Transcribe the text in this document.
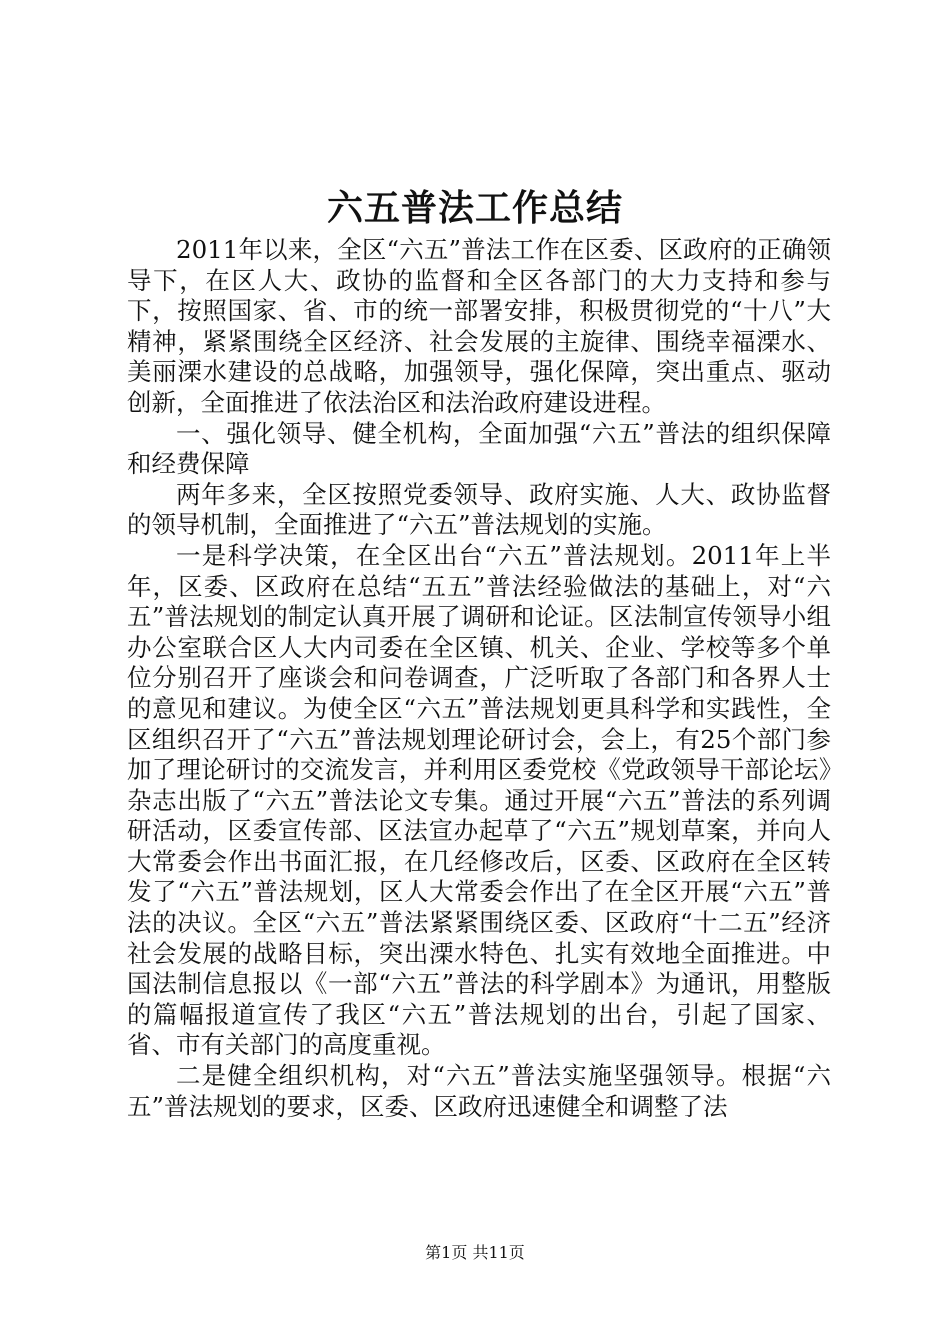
六五普法工作总结

2011年以来，全区“六五”普法工作在区委、区政府的正确领导下，在区人大、政协的监督和全区各部门的大力支持和参与下，按照国家、省、市的统一部署安排，积极贯彻党的“十八”大精神，紧紧围绕全区经济、社会发展的主旋律、围绕幸福溧水、美丽溧水建设的总战略，加强领导，强化保障，突出重点、驱动创新，全面推进了依法治区和法治政府建设进程。

一、强化领导、健全机构，全面加强“六五”普法的组织保障和经费保障

两年多来，全区按照党委领导、政府实施、人大、政协监督的领导机制，全面推进了“六五”普法规划的实施。

一是科学决策，在全区出台“六五”普法规划。2011年上半年，区委、区政府在总结“五五”普法经验做法的基础上，对“六五”普法规划的制定认真开展了调研和论证。区法制宣传领导小组办公室联合区人大内司委在全区镇、机关、企业、学校等多个单位分别召开了座谈会和问卷调查，广泛听取了各部门和各界人士的意见和建议。为使全区“六五”普法规划更具科学和实践性，全区组织召开了“六五”普法规划理论研讨会，会上，有25个部门参加了理论研讨的交流发言，并利用区委党校《党政领导干部论坛》杂志出版了“六五”普法论文专集。通过开展“六五”普法的系列调研活动，区委宣传部、区法宣办起草了“六五”规划草案，并向人大常委会作出书面汇报，在几经修改后，区委、区政府在全区转发了“六五”普法规划，区人大常委会作出了在全区开展“六五”普法的决议。全区“六五”普法紧紧围绕区委、区政府“十二五”经济社会发展的战略目标，突出溧水特色、扎实有效地全面推进。中国法制信息报以《一部“六五”普法的科学剧本》为通讯，用整版的篇幅报道宣传了我区“六五”普法规划的出台，引起了国家、省、市有关部门的高度重视。

二是健全组织机构，对“六五”普法实施坚强领导。根据“六五”普法规划的要求，区委、区政府迅速健全和调整了法

第1页 共11页
